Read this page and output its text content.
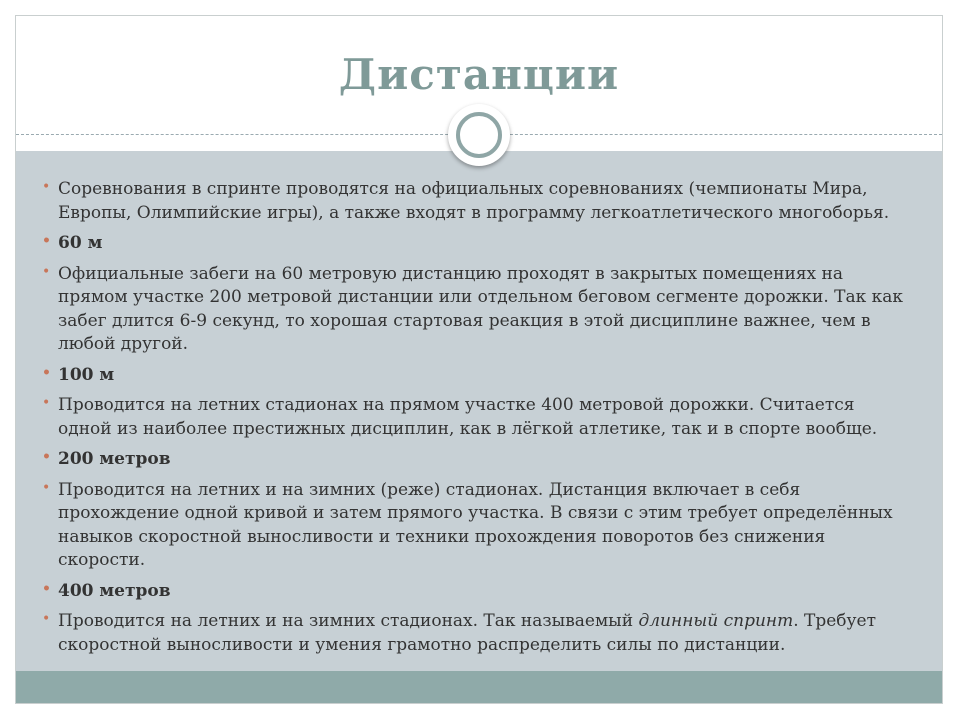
Дистанции
• Соревнования в спринте проводятся на официальных соревнованиях (чемпионаты Мира, Европы, Олимпийские игры), а также входят в программу легкоатлетического многоборья.
• 60 м
• Официальные забеги на 60 метровую дистанцию проходят в закрытых помещениях на прямом участке 200 метровой дистанции или отдельном беговом сегменте дорожки. Так как забег длится 6-9 секунд, то хорошая стартовая реакция в этой дисциплине важнее, чем в любой другой.
• 100 м
• Проводится на летних стадионах на прямом участке 400 метровой дорожки. Считается одной из наиболее престижных дисциплин, как в лёгкой атлетике, так и в спорте вообще.
• 200 метров
• Проводится на летних и на зимних (реже) стадионах. Дистанция включает в себя прохождение одной кривой и затем прямого участка. В связи с этим требует определённых навыков скоростной выносливости и техники прохождения поворотов без снижения скорости.
• 400 метров
• Проводится на летних и на зимних стадионах. Так называемый длинный спринт. Требует скоростной выносливости и умения грамотно распределить силы по дистанции.
